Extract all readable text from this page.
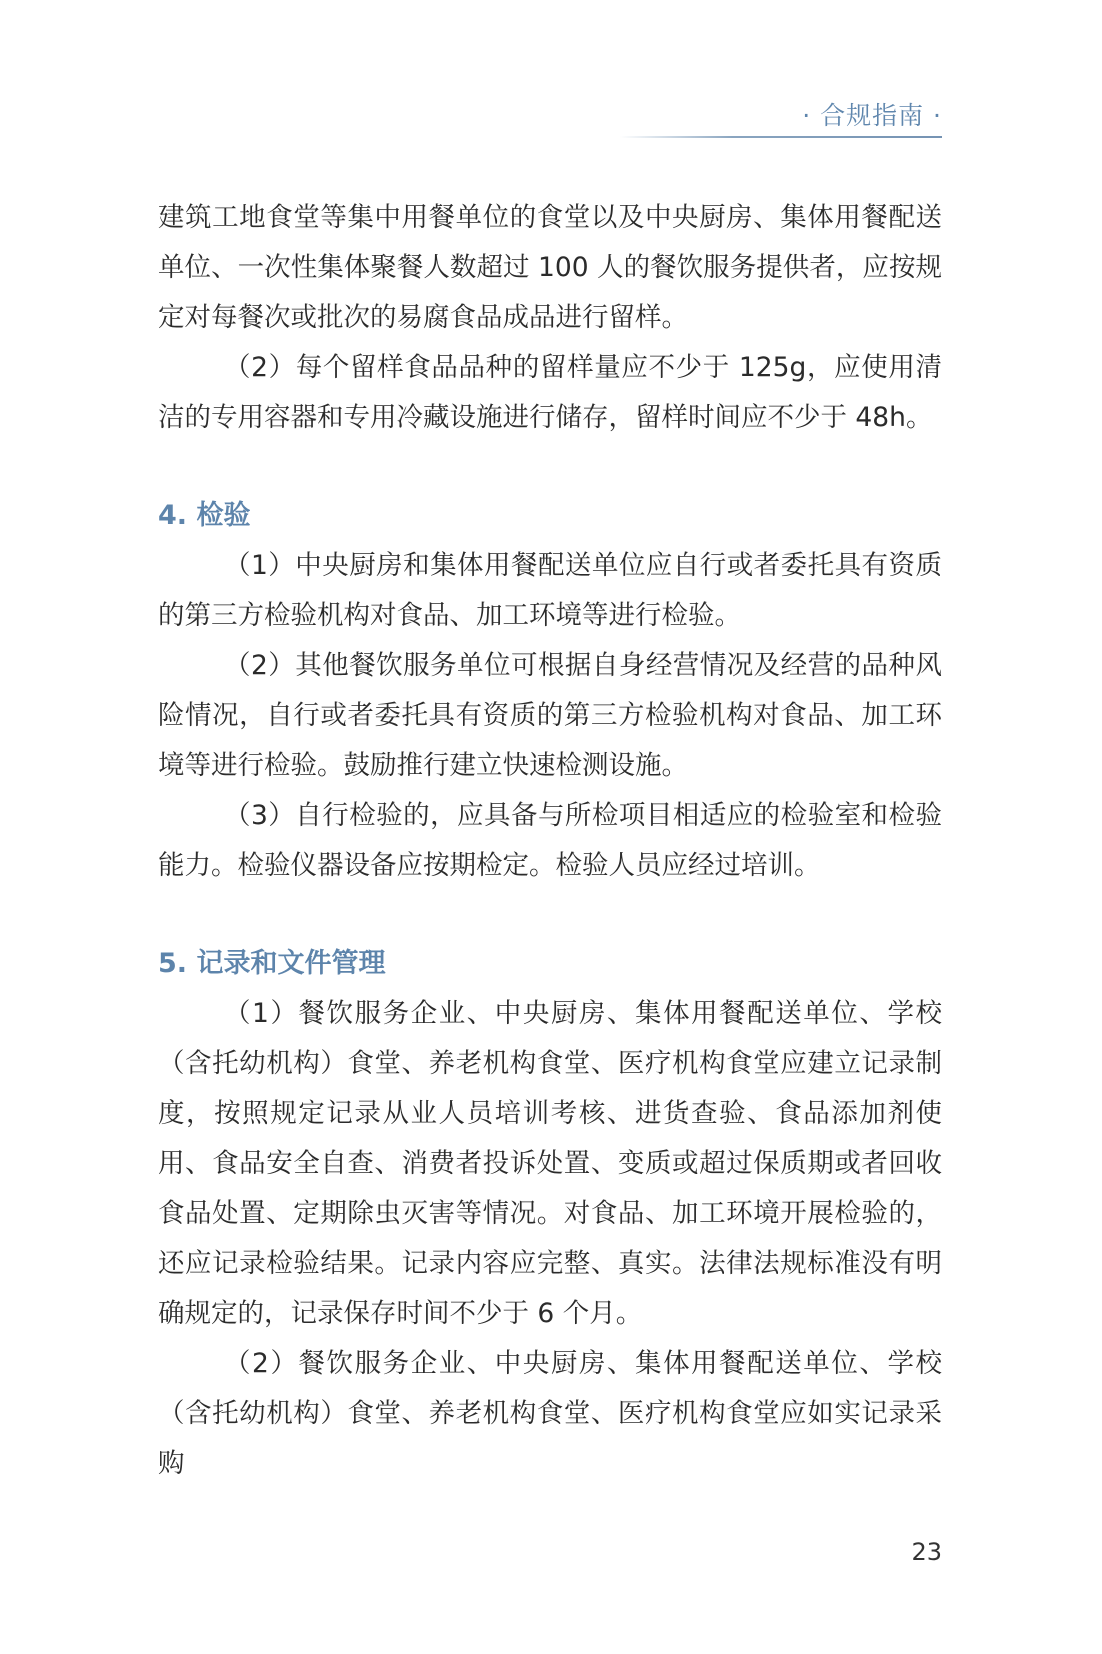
· 合规指南 ·

建筑工地食堂等集中用餐单位的食堂以及中央厨房、集体用餐配送单位、一次性集体聚餐人数超过 100 人的餐饮服务提供者，应按规定对每餐次或批次的易腐食品成品进行留样。

（2）每个留样食品品种的留样量应不少于 125g，应使用清洁的专用容器和专用冷藏设施进行储存，留样时间应不少于 48h。

4. 检验

（1）中央厨房和集体用餐配送单位应自行或者委托具有资质的第三方检验机构对食品、加工环境等进行检验。

（2）其他餐饮服务单位可根据自身经营情况及经营的品种风险情况，自行或者委托具有资质的第三方检验机构对食品、加工环境等进行检验。鼓励推行建立快速检测设施。

（3）自行检验的，应具备与所检项目相适应的检验室和检验能力。检验仪器设备应按期检定。检验人员应经过培训。

5. 记录和文件管理

（1）餐饮服务企业、中央厨房、集体用餐配送单位、学校（含托幼机构）食堂、养老机构食堂、医疗机构食堂应建立记录制度，按照规定记录从业人员培训考核、进货查验、食品添加剂使用、食品安全自查、消费者投诉处置、变质或超过保质期或者回收食品处置、定期除虫灭害等情况。对食品、加工环境开展检验的，还应记录检验结果。记录内容应完整、真实。法律法规标准没有明确规定的，记录保存时间不少于 6 个月。

（2）餐饮服务企业、中央厨房、集体用餐配送单位、学校（含托幼机构）食堂、养老机构食堂、医疗机构食堂应如实记录采购

23
